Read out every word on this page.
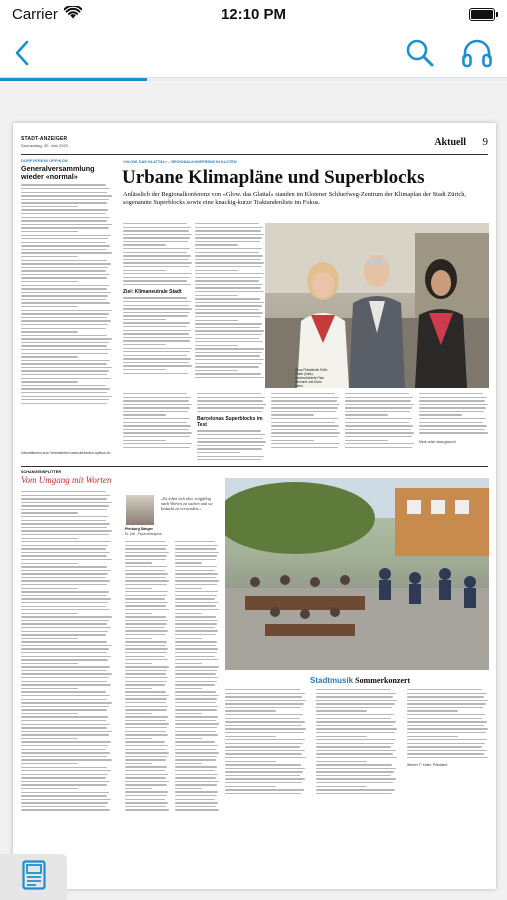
Carrier	12:10 PM
STADT-ANZEIGER
Donnerstag, 30. Juni 2022	Aktuell 9
DORFVEREIN OPFIKON
Generalversammlung wieder «normal»
Informationen zum Vereinsleben www.dorfverein-opfikon.ch
«GLOW. DAS GLATTAL» – REGIONALKONFERENZ IN KLOTEN
Urbane Klimapläne und Superblocks
Anlässlich der Regionalkonferenz von «Glow. das Glattal» standen im Klotener Schluefweg-Zentrum der Klimaplan der Stadt Zürich, sogenannte Superblocks sowie eine knackig-kurze Traktandenliste im Fokus.
Ziel: Klimaneutrale Stadt
Glow-Präsidentin Edith Zuber (links) verabschiedete Paul Remund und Doris Meier.
Barcelonas Superblocks im Test
Mehr unter www.glow.ch
SCHANGENSPLITTER
Vom Umgang mit Worten
Pierburg Sänger
Dr. phil., Psychotherapeut
«Es lohnt sich also, sorgfältig nach Worten zu suchen und sie bedacht zu verwenden.»
Stadtmusik Sommerkonzert
Werner F. Koller, Präsident
